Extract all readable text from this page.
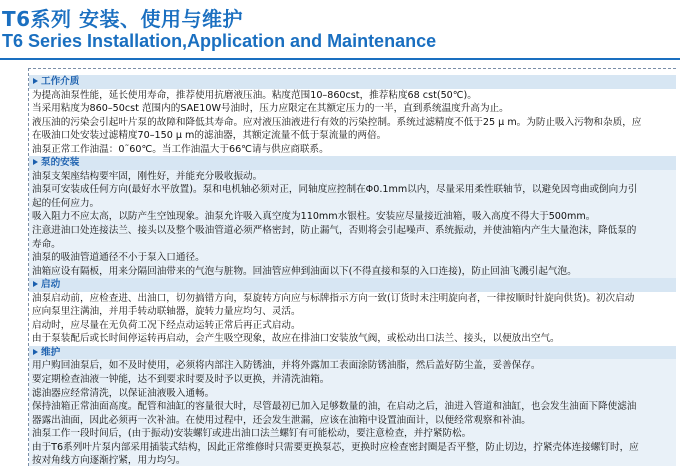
T6系列 安装、使用与维护
T6 Series Installation,Application and Maintenance
工作介质
为提高油泵性能，延长使用寿命，推荐使用抗磨液压油。粘度范围10–860cst，推荐粘度68 cst(50℃)。
当采用粘度为860–50cst 范围内的SAE10W号油时，压力应限定在其额定压力的一半，直到系统温度升高为止。
液压油的污染会引起叶片泵的故障和降低其寿命。应对液压油液进行有效的污染控制。系统过滤精度不低于25 μ m。为防止吸入污物和杂质，应
在吸油口处安装过滤精度70–150 μ m的滤油器，其额定流量不低于泵流量的两倍。
油泵正常工作油温：0˜60℃。当工作油温大于66℃请与供应商联系。
泵的安装
油泵支架座结构要牢固，刚性好，并能充分吸收振动。
油泵可安装成任何方向(最好水平放置)。泵和电机轴必须对正，同轴度应控制在Φ0.1mm以内，尽量采用柔性联轴节，以避免因弯曲或倒向力引
起的任何应力。
吸入阻力不应太高，以防产生空蚀现象。油泵允许吸入真空度为110mm水银柱。安装应尽量接近油箱，吸入高度不得大于500mm。
注意进油口处连接法兰、接头以及整个吸油管道必须严格密封，防止漏气，否则将会引起噪声、系统振动，并使油箱内产生大量泡沫，降低泵的
寿命。
油泵的吸油管道通径不小于泵入口通径。
油箱应设有隔板，用来分隔回油带来的气泡与脏物。回油管应伸到油面以下(不得直接和泵的入口连接)，防止回油飞溅引起气泡。
启动
油泵启动前，应检查进、出油口，切勿搞错方向，泵旋转方向应与标牌指示方向一致(订货时未注明旋向者，一律按顺时针旋向供货)。初次启动
应向泵里注满油，并用手转动联轴器，旋转力量应均匀、灵活。
启动时，应尽量在无负荷工况下经点动运转正常后再正式启动。
由于泵装配后或长时间停运转再启动，会产生吸空现象，故应在排油口安装放气阀，或松动出口法兰、接头，以便放出空气。
维护
用户购回油泵后，如不及时使用，必须将内部注入防锈油，并将外露加工表面涂防锈油脂，然后盖好防尘盖，妥善保存。
要定期检查油液一钟能，达不到要求时要及时予以更换，并清洗油箱。
滤油器应经常清洗，以保证油液吸入通畅。
保持油箱正常油面高度。配管和油缸的容量很大时，尽管最初已加入足够数量的油，在启动之后，油进入管道和油缸，也会发生油面下降使滤油
器露出油面，因此必须再一次补油。在使用过程中，还会发生泄漏，应该在油箱中设置油面计，以便经常观察和补油。
油泵工作一段时间后，(由于振动)安装螺钉或进出油口法兰螺钉有可能松动，要注意检查，并拧紧防松。
由于T6系列叶片泵内部采用插装式结构，因此正常维修时只需要更换泵芯，更换时应检查密封圈是否平整，防止切边，拧紧壳体连接螺钉时，应
按对角线方向逐渐拧紧，用力均匀。
